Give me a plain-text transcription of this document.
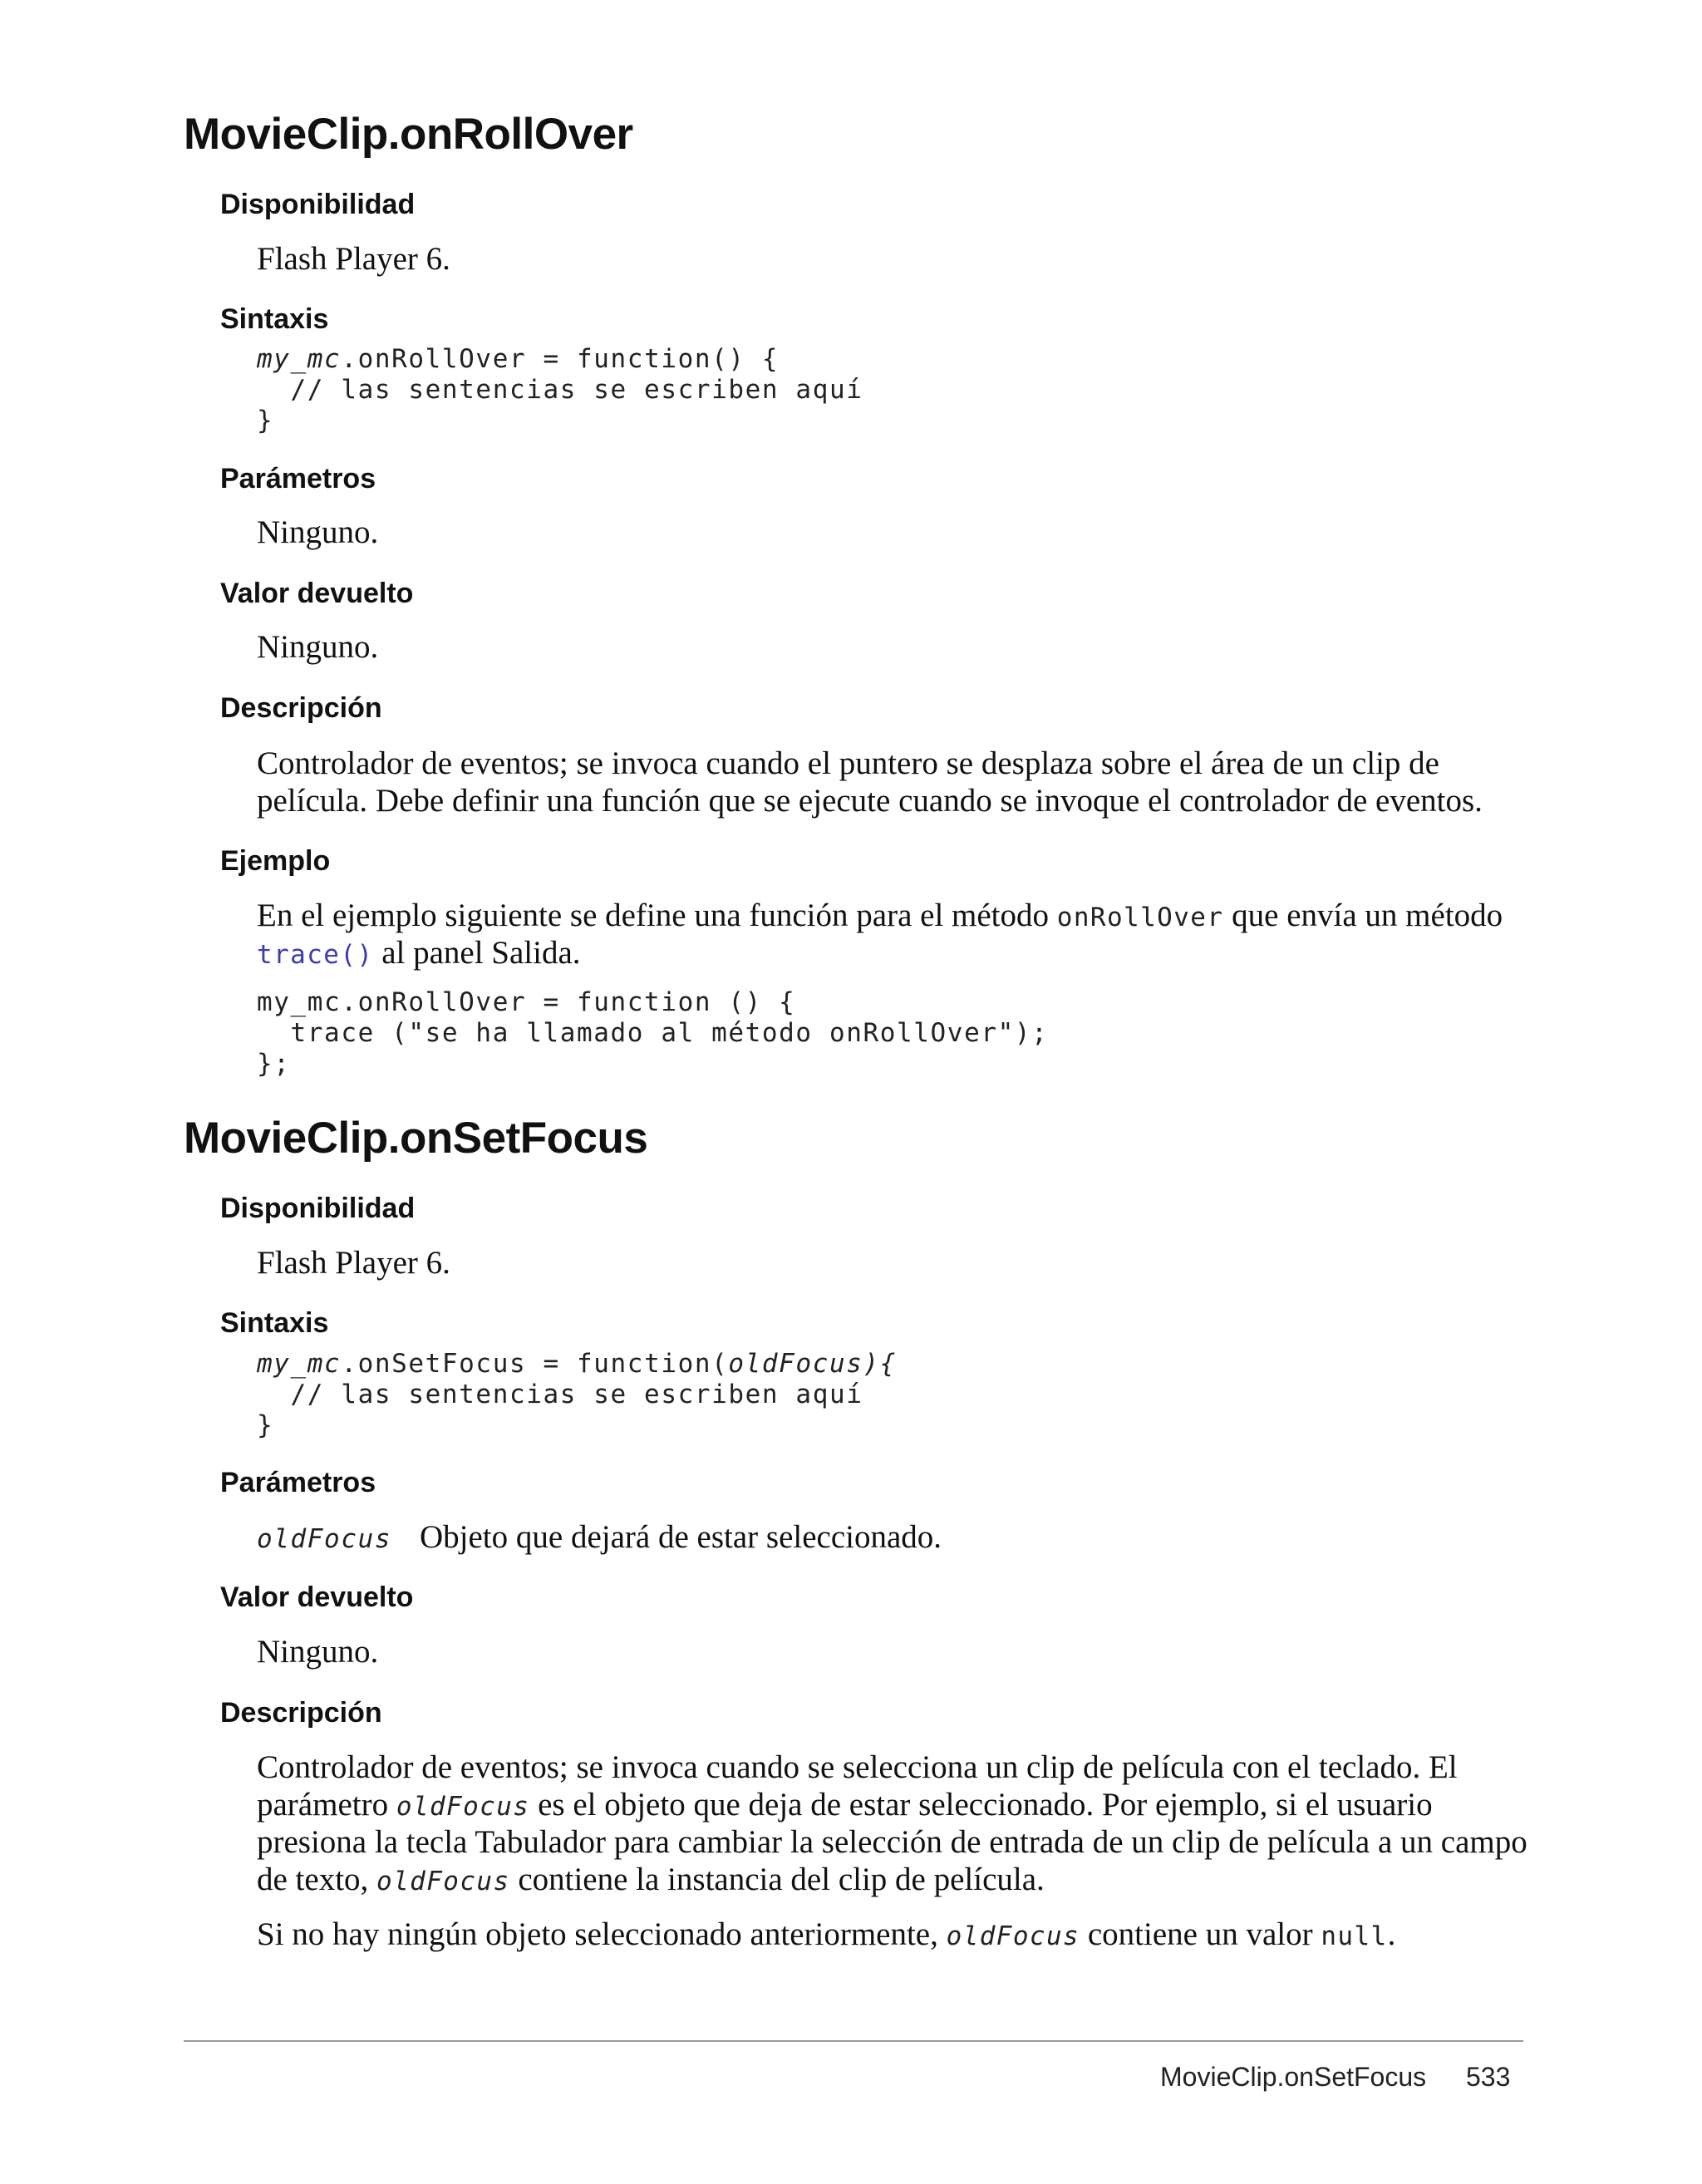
MovieClip.onRollOver
Disponibilidad
Flash Player 6.
Sintaxis
my_mc.onRollOver = function() {
// las sentencias se escriben aquí
}
Parámetros
Ninguno.
Valor devuelto
Ninguno.
Descripción
Controlador de eventos; se invoca cuando el puntero se desplaza sobre el área de un clip de
película. Debe definir una función que se ejecute cuando se invoque el controlador de eventos.
Ejemplo
En el ejemplo siguiente se define una función para el método onRollOver que envía un método
trace() al panel Salida.
my_mc.onRollOver = function () {
trace ("se ha llamado al método onRollOver");
};
MovieClip.onSetFocus
Disponibilidad
Flash Player 6.
Sintaxis
my_mc.onSetFocus = function(oldFocus){
// las sentencias se escriben aquí
}
Parámetros
oldFocus Objeto que dejará de estar seleccionado.
Valor devuelto
Ninguno.
Descripción
Controlador de eventos; se invoca cuando se selecciona un clip de película con el teclado. El
parámetro oldFocus es el objeto que deja de estar seleccionado. Por ejemplo, si el usuario
presiona la tecla Tabulador para cambiar la selección de entrada de un clip de película a un campo
de texto, oldFocus contiene la instancia del clip de película.
Si no hay ningún objeto seleccionado anteriormente, oldFocus contiene un valor null.
MovieClip.onSetFocus 533
